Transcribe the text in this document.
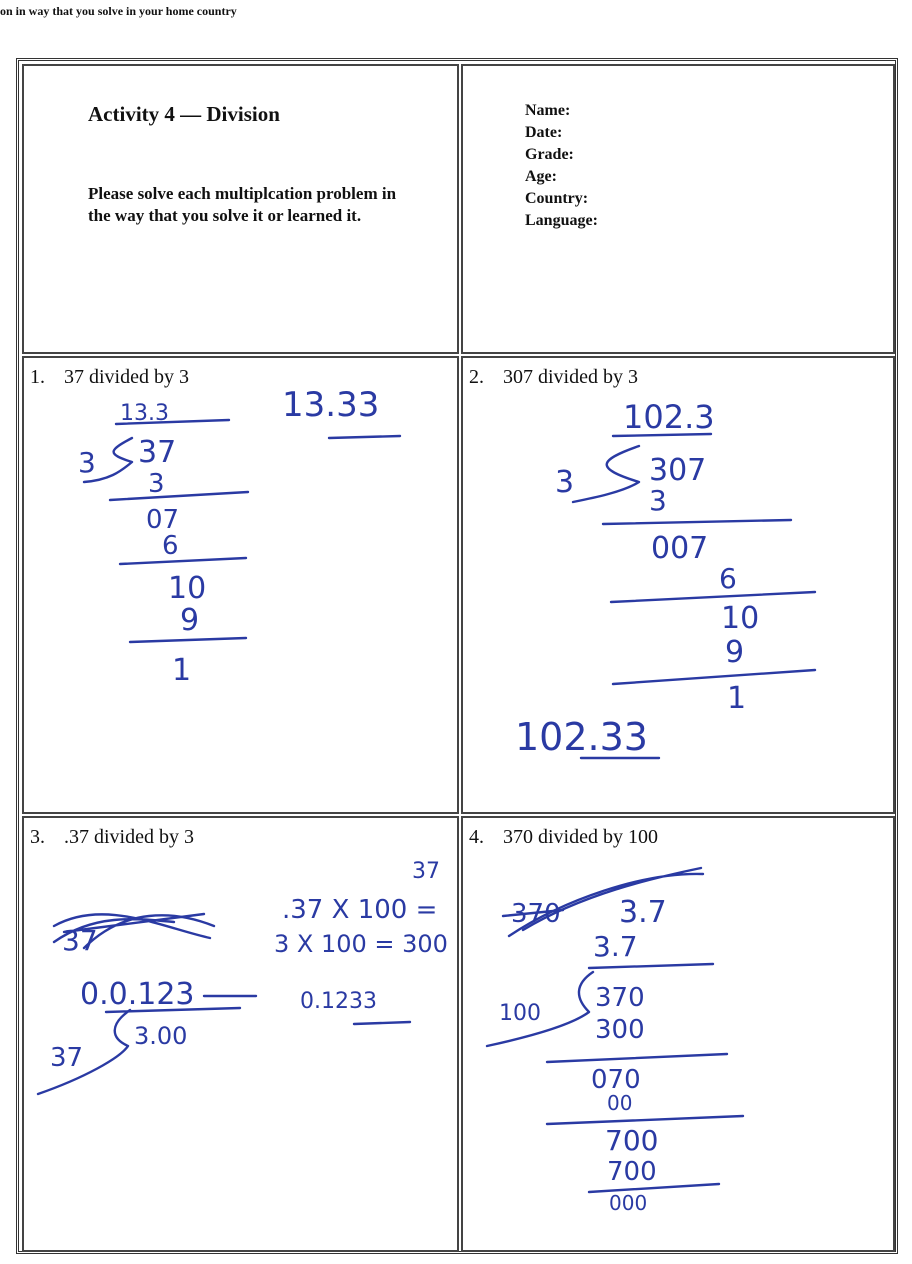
on in way that you solve in your home country
Activity 4 — Division
Please solve each multiplcation problem in the way that you solve it or learned it.
Name:
Date:
Grade:
Age:
Country:
Language:
1. 37 divided by 3
13.3	13.33
3 37
3
07
6
10
9
1
2. 307 divided by 3
102.3
3 307
3
007
6
10
9
1
102.33
3. .37 divided by 3
37
.37 X 100 =
3 X 100 = 300
0.1233
37
0.0.123
37
3.00
4. 370 divided by 100
370 3.7
3.7
100
370
300
070
00
700
700
000
